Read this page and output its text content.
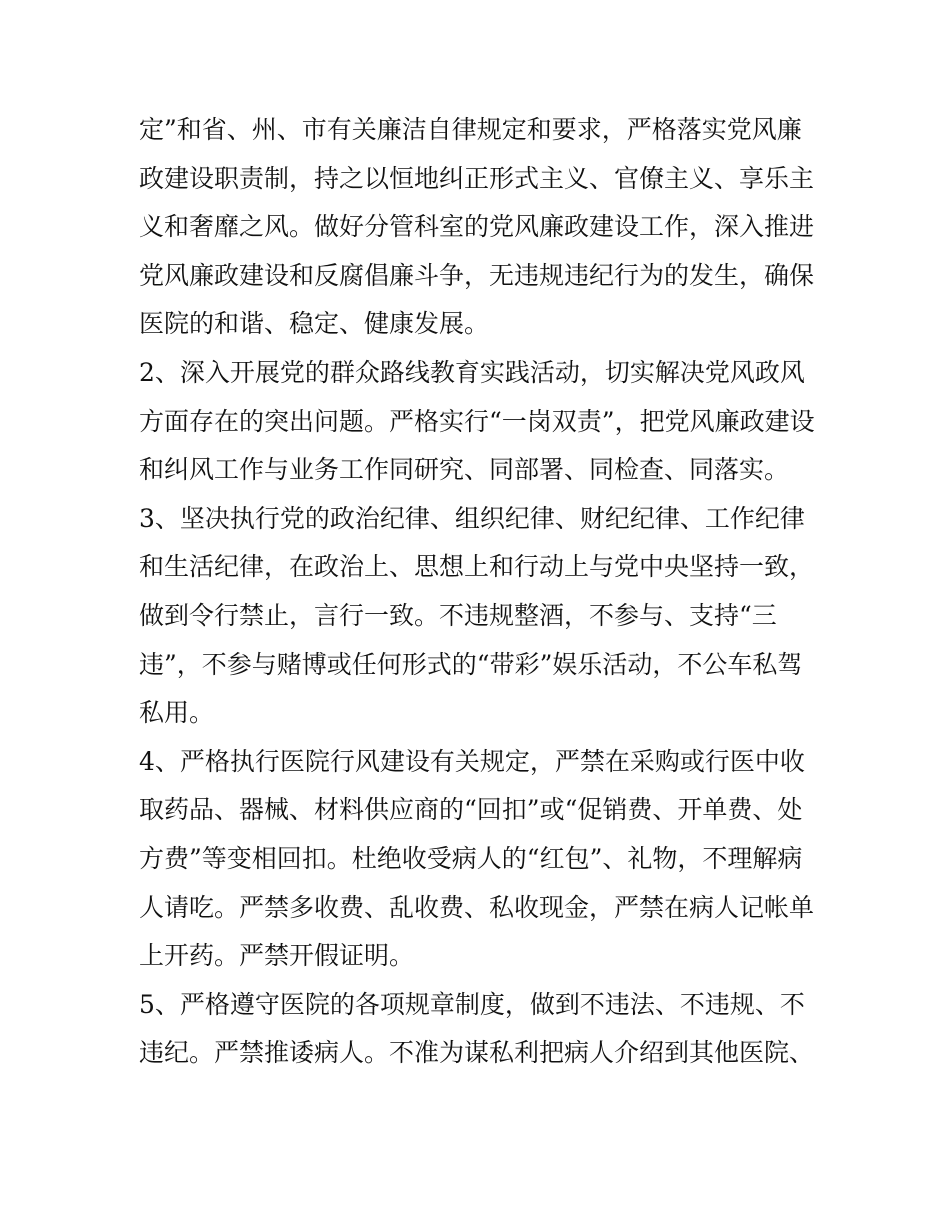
定”和省、州、市有关廉洁自律规定和要求，严格落实党风廉
政建设职责制，持之以恒地纠正形式主义、官僚主义、享乐主
义和奢靡之风。做好分管科室的党风廉政建设工作，深入推进
党风廉政建设和反腐倡廉斗争，无违规违纪行为的发生，确保
医院的和谐、稳定、健康发展。
2、深入开展党的群众路线教育实践活动，切实解决党风政风
方面存在的突出问题。严格实行“一岗双责”，把党风廉政建设
和纠风工作与业务工作同研究、同部署、同检查、同落实。
3、坚决执行党的政治纪律、组织纪律、财纪纪律、工作纪律
和生活纪律，在政治上、思想上和行动上与党中央坚持一致，
做到令行禁止，言行一致。不违规整酒，不参与、支持“三
违”，不参与赌博或任何形式的“带彩”娱乐活动，不公车私驾
私用。
4、严格执行医院行风建设有关规定，严禁在采购或行医中收
取药品、器械、材料供应商的“回扣”或“促销费、开单费、处
方费”等变相回扣。杜绝收受病人的“红包”、礼物，不理解病
人请吃。严禁多收费、乱收费、私收现金，严禁在病人记帐单
上开药。严禁开假证明。
5、严格遵守医院的各项规章制度，做到不违法、不违规、不
违纪。严禁推诿病人。不准为谋私利把病人介绍到其他医院、
